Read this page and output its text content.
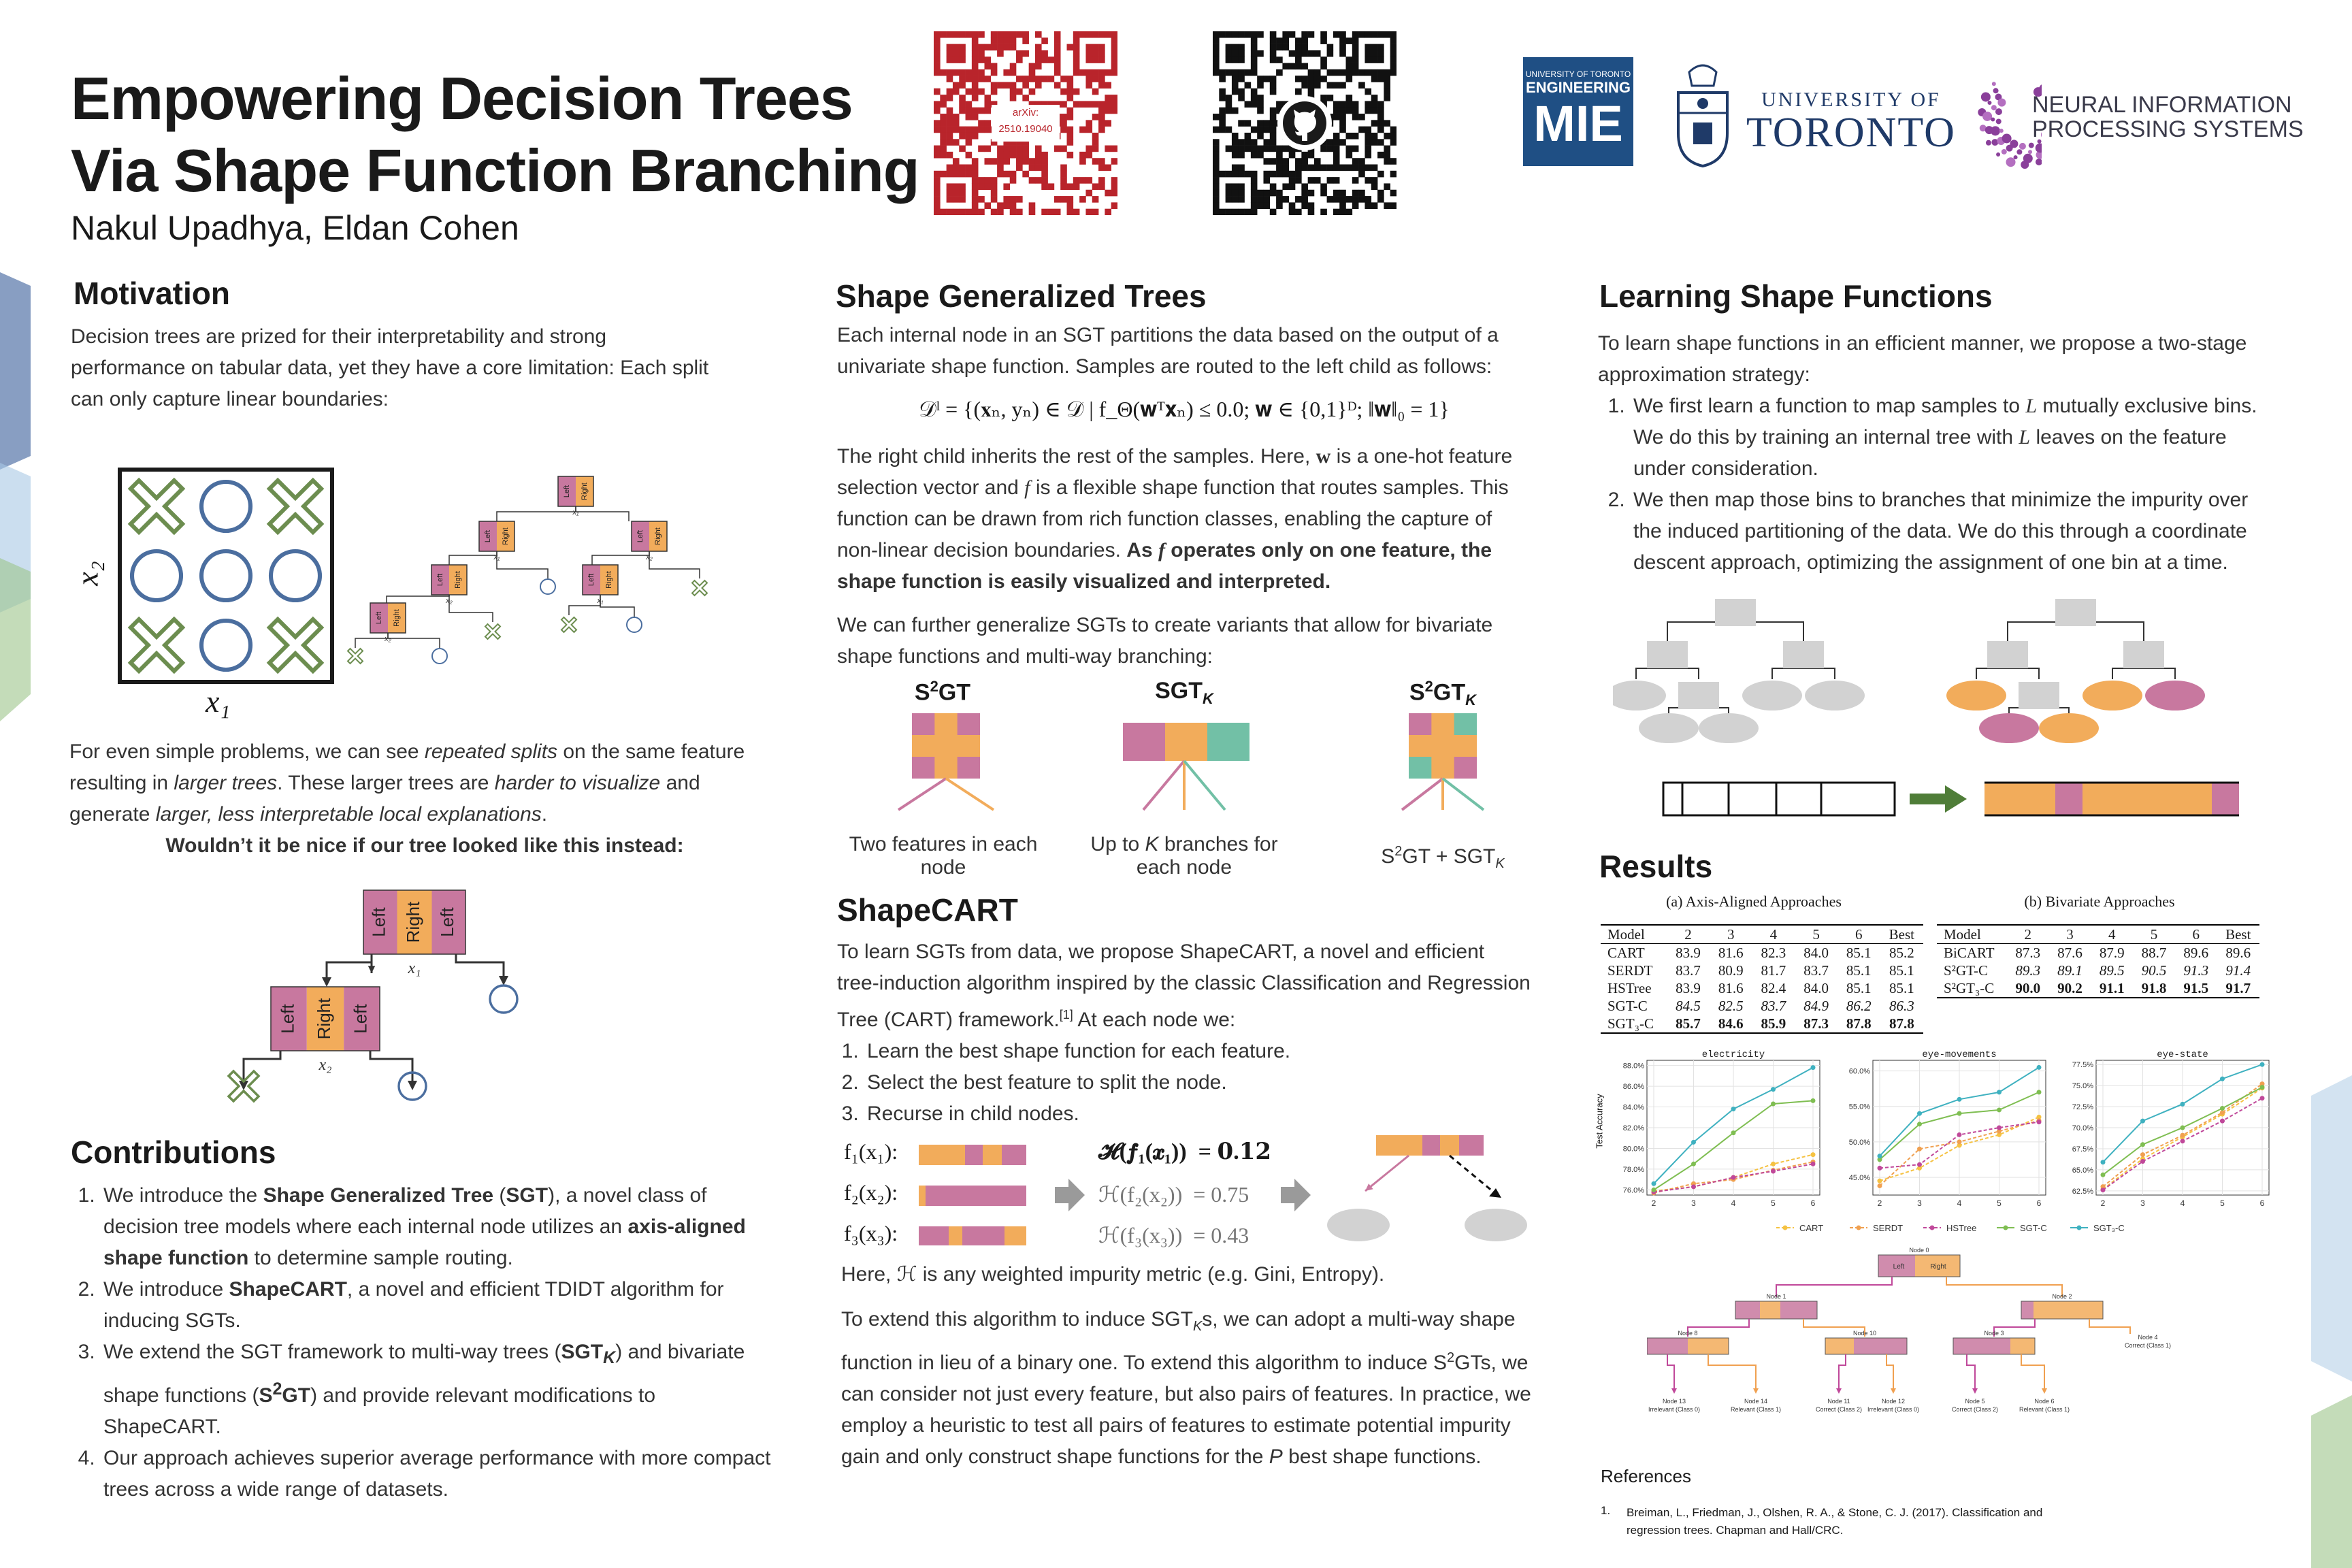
Empowering Decision Trees
Via Shape Function Branching
Nakul Upadhya, Eldan Cohen
arXiv:
2510.19040
UNIVERSITY OF TORONTO
ENGINEERING
MIE	UNIVERSITY OF
TORONTO
NEURAL INFORMATION
PROCESSING SYSTEMS
Motivation
Decision trees are prized for their interpretability and strong performance on tabular data, yet they have a core limitation: Each split can only capture linear boundaries:
x₂
x₁
Left Right
Left Right	Left Right
Left Right	Left Right
Left Right
x₁
x₁	x₂
x₂	x₁
x₂
For even simple problems, we can see repeated splits on the same feature resulting in larger trees. These larger trees are harder to visualize and generate larger, less interpretable local explanations.
Wouldn’t it be nice if our tree looked like this instead:
Left Right Left
x₁
Left Right Left
x₂
Contributions
1. We introduce the Shape Generalized Tree (SGT), a novel class of decision tree models where each internal node utilizes an axis-aligned shape function to determine sample routing.
2. We introduce ShapeCART, a novel and efficient TDIDT algorithm for inducing SGTs.
3. We extend the SGT framework to multi-way trees $(SGT_K)$ and bivariate shape functions $(S^2GT)$ and provide relevant modifications to ShapeCART.
4. Our approach achieves superior average performance with more compact trees across a wide range of datasets.
Shape Generalized Trees
Each internal node in an SGT partitions the data based on the output of a univariate shape function. Samples are routed to the left child as follows:
𝒟ˡ = {(𝐱ₙ, yₙ) ∈ 𝒟 | f_Θ(𝐰ᵀ𝐱ₙ) ≤ 0.0; 𝐰 ∈ {0,1}ᴰ; ‖𝐰‖₀ = 1}
The right child inherits the rest of the samples. Here, w is a one-hot feature selection vector and f is a flexible shape function that routes samples. This function can be drawn from rich function classes, enabling the capture of non-linear decision boundaries. As f operates only on one feature, the shape function is easily visualized and interpreted.
We can further generalize SGTs to create variants that allow for bivariate shape functions and multi-way branching:
$S^2GT$	$SGT_K$	$S^2GT_K$
Two features in each node
Up to K branches for each node	$S^2GT + SGT_K$
ShapeCART
To learn SGTs from data, we propose ShapeCART, a novel and efficient tree-induction algorithm inspired by the classic Classification and Regression Tree (CART) framework.[1] At each node we:
1. Learn the best shape function for each feature.
2. Select the best feature to split the node.
3. Recurse in child nodes.
f₁(x₁):
f₂(x₂):
f₃(x₃):
𝓗(𝒇₁(𝒙₁))  = 𝟎.𝟏𝟐
ℋ(f₂(x₂))  = 0.75
ℋ(f₃(x₃))  = 0.43
Here, ℋ is any weighted impurity metric (e.g. Gini, Entropy).
To extend this algorithm to induce $SGT_Ks$, we can adopt a multi-way shape function in lieu of a binary one. To extend this algorithm to induce $S^2GTs$, we can consider not just every feature, but also pairs of features. In practice, we employ a heuristic to test all pairs of features to estimate potential impurity gain and only construct shape functions for the P best shape functions.
Learning Shape Functions

To learn shape functions in an efficient manner, we propose a two-stage approximation strategy:

1. We first learn a function to map samples to L mutually exclusive bins. We do this by training an internal tree with L leaves on the feature under consideration.
2. We then map those bins to branches that minimize the impurity over the induced partitioning of the data. We do this through a coordinate descent approach, optimizing the assignment of one bin at a time.
Results
(a) Axis-Aligned Approaches
Model	2	3	4	5	6	Best
CART	83.9	81.6	82.3	84.0	85.1	85.2
SERDT	83.7	80.9	81.7	83.7	85.1	85.1
HSTree	83.9	81.6	82.4	84.0	85.1	85.1
SGT-C	84.5	82.5	83.7	84.9	86.2	86.3
SGT₃-C	85.7	84.6	85.9	87.3	87.8	87.8
(b) Bivariate Approaches
Model	2	3	4	5	6	Best
BiCART	87.3	87.6	87.9	88.7	89.6	89.6
S²GT-C	89.3	89.1	89.5	90.5	91.3	91.4
S²GT₃-C	90.0	90.2	91.1	91.8	91.5	91.7
Test Accuracy
electricity
76.0%
78.0%
80.0%
82.0%
84.0%
86.0%
88.0%
2	3	4	5	6
eye-movements
45.0%
50.0%
55.0%
60.0%
2	3	4	5	6
eye-state
62.5%
65.0%
67.5%
70.0%
72.5%
75.0%
77.5%
2	3	4	5	6
CART	SERDT	HSTree	SGT-C	SGT₃-C
Node 0
Left	Right
Node 1	Node 2
Node 8	Node 10	Node 3
Node 4
Correct (Class 1)
Node 13
Irrelevant (Class 0)
Node 14
Relevant (Class 1)
Node 11
Correct (Class 2)
Node 12
Irrelevant (Class 0)
Node 5
Correct (Class 2)
Node 6
Relevant (Class 1)
References
1. Breiman, L., Friedman, J., Olshen, R. A., & Stone, C. J. (2017). Classification and regression trees. Chapman and Hall/CRC.
